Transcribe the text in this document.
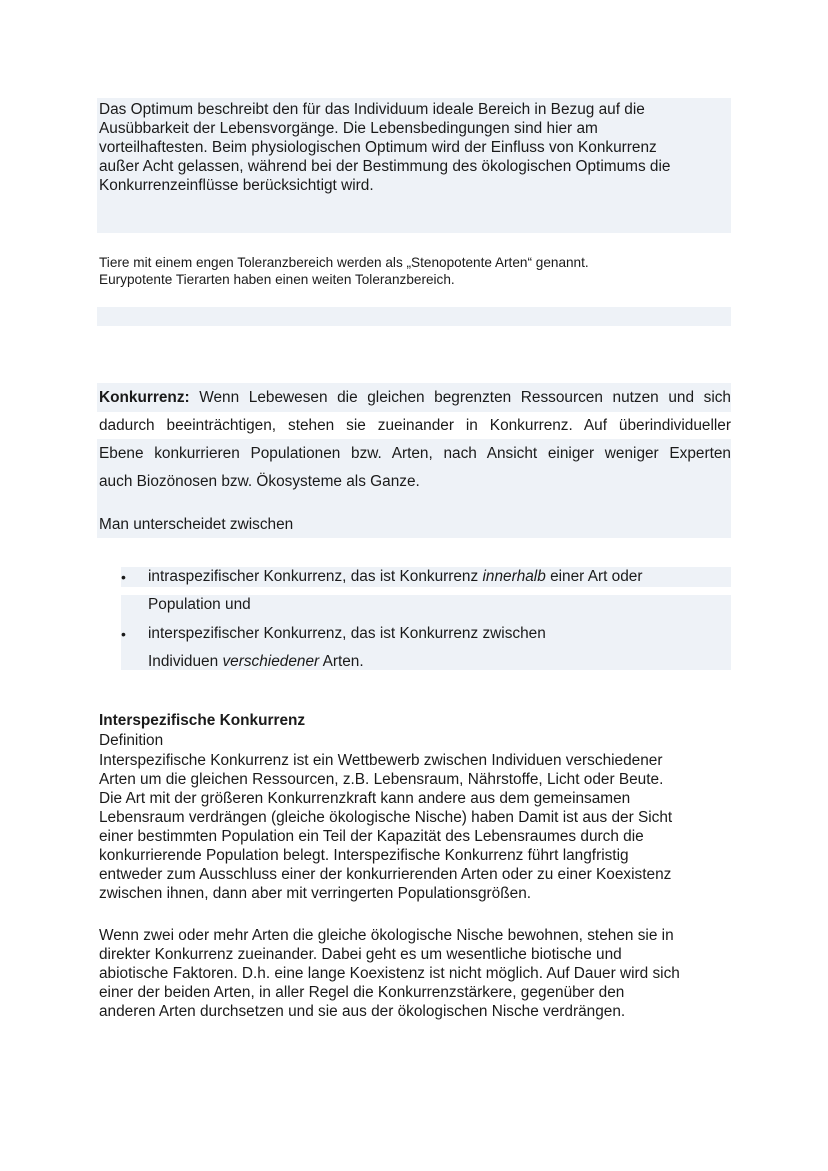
Das Optimum beschreibt den für das Individuum ideale Bereich in Bezug auf die
Ausübbarkeit der Lebensvorgänge. Die Lebensbedingungen sind hier am
vorteilhaftesten. Beim physiologischen Optimum wird der Einfluss von Konkurrenz
außer Acht gelassen, während bei der Bestimmung des ökologischen Optimums die
Konkurrenzeinflüsse berücksichtigt wird.
Tiere mit einem engen Toleranzbereich werden als „Stenopotente Arten“ genannt.
Eurypotente Tierarten haben einen weiten Toleranzbereich.
Konkurrenz: Wenn Lebewesen die gleichen begrenzten Ressourcen nutzen und sich
dadurch beeinträchtigen, stehen sie zueinander in Konkurrenz. Auf überindividueller
Ebene konkurrieren Populationen bzw. Arten, nach Ansicht einiger weniger Experten
auch Biozönosen bzw. Ökosysteme als Ganze.
Man unterscheidet zwischen
• intraspezifischer Konkurrenz, das ist Konkurrenz innerhalb einer Art oder
Population und
• interspezifischer Konkurrenz, das ist Konkurrenz zwischen
Individuen verschiedener Arten.
Interspezifische Konkurrenz
Definition
Interspezifische Konkurrenz ist ein Wettbewerb zwischen Individuen verschiedener
Arten um die gleichen Ressourcen, z.B. Lebensraum, Nährstoffe, Licht oder Beute.
Die Art mit der größeren Konkurrenzkraft kann andere aus dem gemeinsamen
Lebensraum verdrängen (gleiche ökologische Nische) haben Damit ist aus der Sicht
einer bestimmten Population ein Teil der Kapazität des Lebensraumes durch die
konkurrierende Population belegt. Interspezifische Konkurrenz führt langfristig
entweder zum Ausschluss einer der konkurrierenden Arten oder zu einer Koexistenz
zwischen ihnen, dann aber mit verringerten Populationsgrößen.
Wenn zwei oder mehr Arten die gleiche ökologische Nische bewohnen, stehen sie in
direkter Konkurrenz zueinander. Dabei geht es um wesentliche biotische und
abiotische Faktoren. D.h. eine lange Koexistenz ist nicht möglich. Auf Dauer wird sich
einer der beiden Arten, in aller Regel die Konkurrenzstärkere, gegenüber den
anderen Arten durchsetzen und sie aus der ökologischen Nische verdrängen.
